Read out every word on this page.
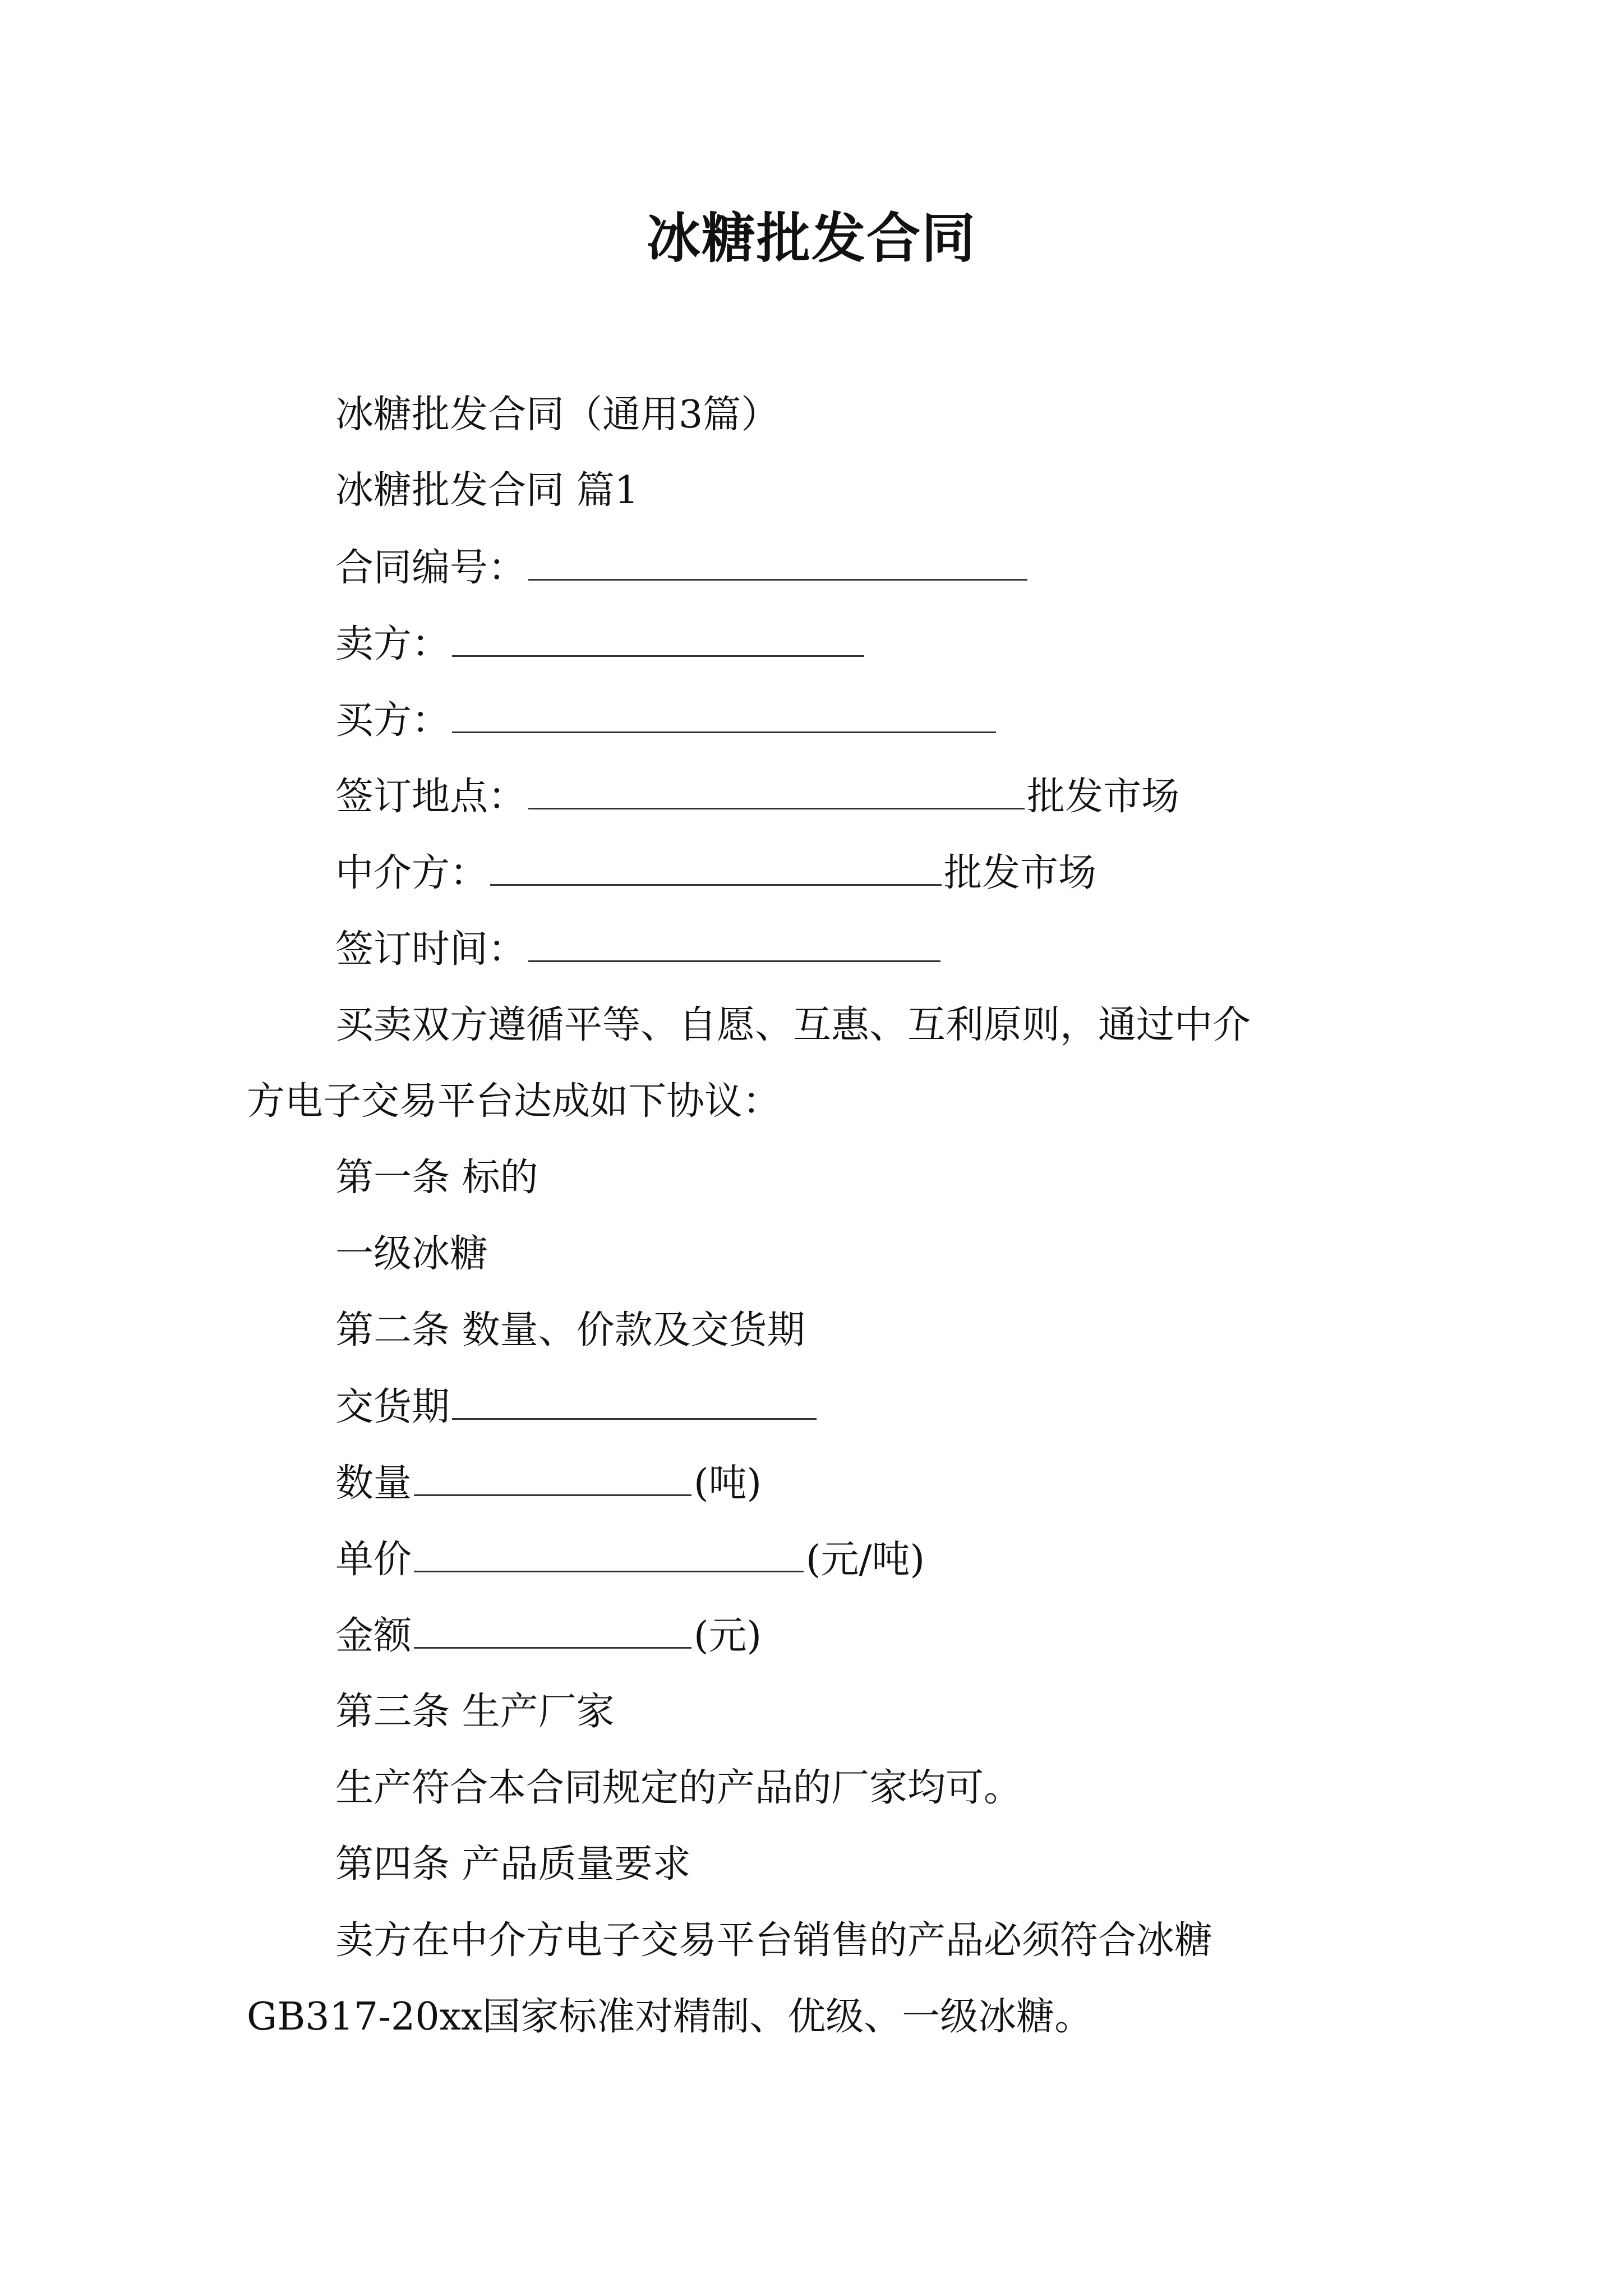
冰糖批发合同

冰糖批发合同（通用3篇）

冰糖批发合同 篇1

合同编号：

卖方：

买方：

签订地点：	批发市场

中介方：	批发市场

签订时间：

买卖双方遵循平等、自愿、互惠、互利原则，通过中介

方电子交易平台达成如下协议：

第一条 标的

一级冰糖

第二条 数量、价款及交货期

交货期

数量	(吨)

单价	(元/吨)

金额	(元)

第三条 生产厂家

生产符合本合同规定的产品的厂家均可。

第四条 产品质量要求

卖方在中介方电子交易平台销售的产品必须符合冰糖

GB317-20xx国家标准对精制、优级、一级冰糖。
